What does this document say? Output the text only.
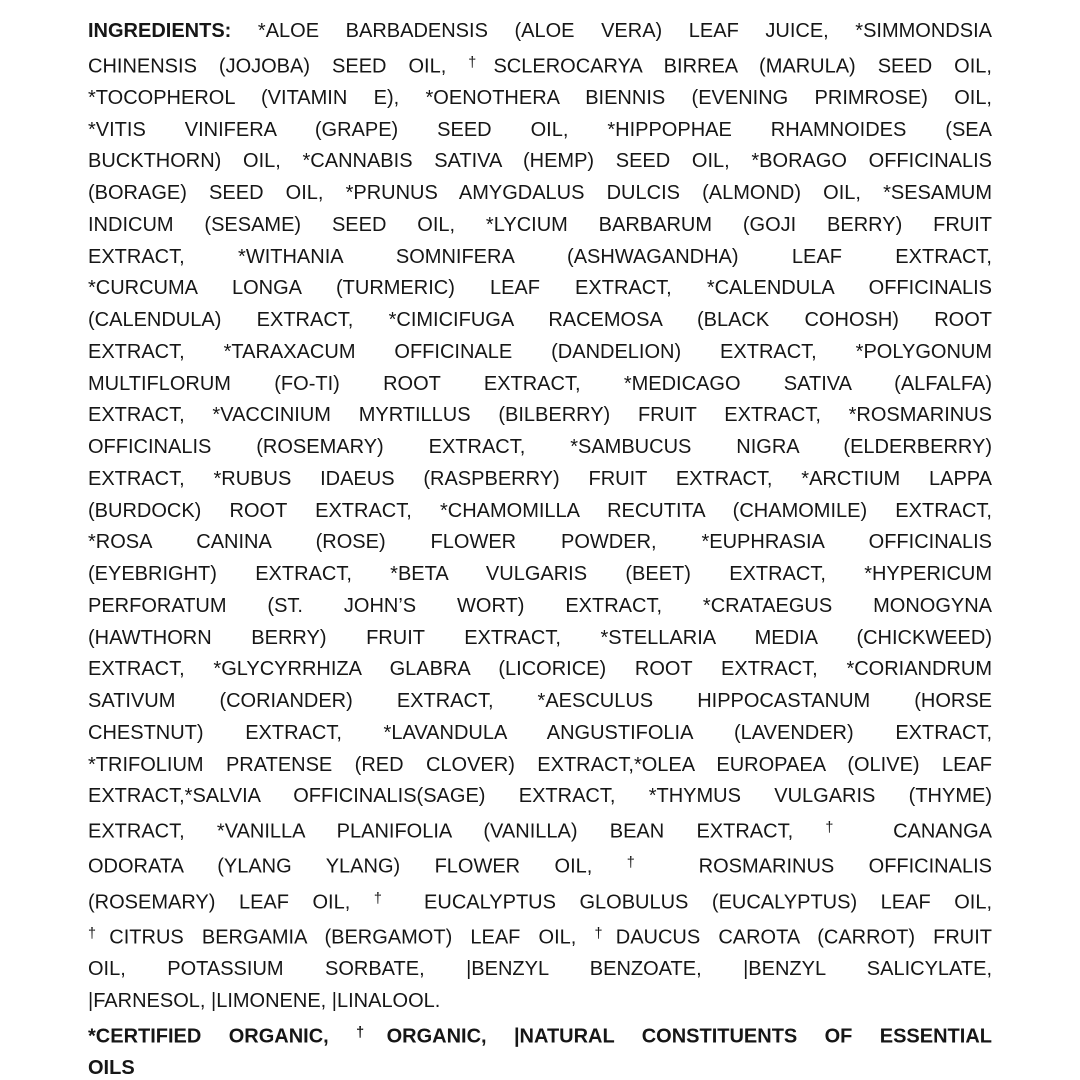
INGREDIENTS: *ALOE BARBADENSIS (ALOE VERA) LEAF JUICE, *SIMMONDSIA
CHINENSIS (JOJOBA) SEED OIL, †SCLEROCARYA BIRREA (MARULA) SEED OIL,
*TOCOPHEROL (VITAMIN E), *OENOTHERA BIENNIS (EVENING PRIMROSE) OIL,
*VITIS VINIFERA (GRAPE) SEED OIL, *HIPPOPHAE RHAMNOIDES (SEA
BUCKTHORN) OIL, *CANNABIS SATIVA (HEMP) SEED OIL, *BORAGO OFFICINALIS
(BORAGE) SEED OIL, *PRUNUS AMYGDALUS DULCIS (ALMOND) OIL, *SESAMUM
INDICUM (SESAME) SEED OIL, *LYCIUM BARBARUM (GOJI BERRY) FRUIT
EXTRACT, *WITHANIA SOMNIFERA (ASHWAGANDHA) LEAF EXTRACT,
*CURCUMA LONGA (TURMERIC) LEAF EXTRACT, *CALENDULA OFFICINALIS
(CALENDULA) EXTRACT, *CIMICIFUGA RACEMOSA (BLACK COHOSH) ROOT
EXTRACT, *TARAXACUM OFFICINALE (DANDELION) EXTRACT, *POLYGONUM
MULTIFLORUM (FO-TI) ROOT EXTRACT, *MEDICAGO SATIVA (ALFALFA)
EXTRACT, *VACCINIUM MYRTILLUS (BILBERRY) FRUIT EXTRACT, *ROSMARINUS
OFFICINALIS (ROSEMARY) EXTRACT, *SAMBUCUS NIGRA (ELDERBERRY)
EXTRACT, *RUBUS IDAEUS (RASPBERRY) FRUIT EXTRACT, *ARCTIUM LAPPA
(BURDOCK) ROOT EXTRACT, *CHAMOMILLA RECUTITA (CHAMOMILE) EXTRACT,
*ROSA CANINA (ROSE) FLOWER POWDER, *EUPHRASIA OFFICINALIS
(EYEBRIGHT) EXTRACT, *BETA VULGARIS (BEET) EXTRACT, *HYPERICUM
PERFORATUM (ST. JOHN’S WORT) EXTRACT, *CRATAEGUS MONOGYNA
(HAWTHORN BERRY) FRUIT EXTRACT, *STELLARIA MEDIA (CHICKWEED)
EXTRACT, *GLYCYRRHIZA GLABRA (LICORICE) ROOT EXTRACT, *CORIANDRUM
SATIVUM (CORIANDER) EXTRACT, *AESCULUS HIPPOCASTANUM (HORSE
CHESTNUT) EXTRACT, *LAVANDULA ANGUSTIFOLIA (LAVENDER) EXTRACT,
*TRIFOLIUM PRATENSE (RED CLOVER) EXTRACT,*OLEA EUROPAEA (OLIVE) LEAF
EXTRACT,*SALVIA OFFICINALIS(SAGE) EXTRACT, *THYMUS VULGARIS (THYME)
EXTRACT, *VANILLA PLANIFOLIA (VANILLA) BEAN EXTRACT, † CANANGA
ODORATA (YLANG YLANG) FLOWER OIL, † ROSMARINUS OFFICINALIS
(ROSEMARY) LEAF OIL, † EUCALYPTUS GLOBULUS (EUCALYPTUS) LEAF OIL,
†CITRUS BERGAMIA (BERGAMOT) LEAF OIL, †DAUCUS CAROTA (CARROT) FRUIT
OIL, POTASSIUM SORBATE, |BENZYL BENZOATE, |BENZYL SALICYLATE,
|FARNESOL, |LIMONENE, |LINALOOL.
*CERTIFIED ORGANIC, †ORGANIC, |NATURAL CONSTITUENTS OF ESSENTIAL
OILS
